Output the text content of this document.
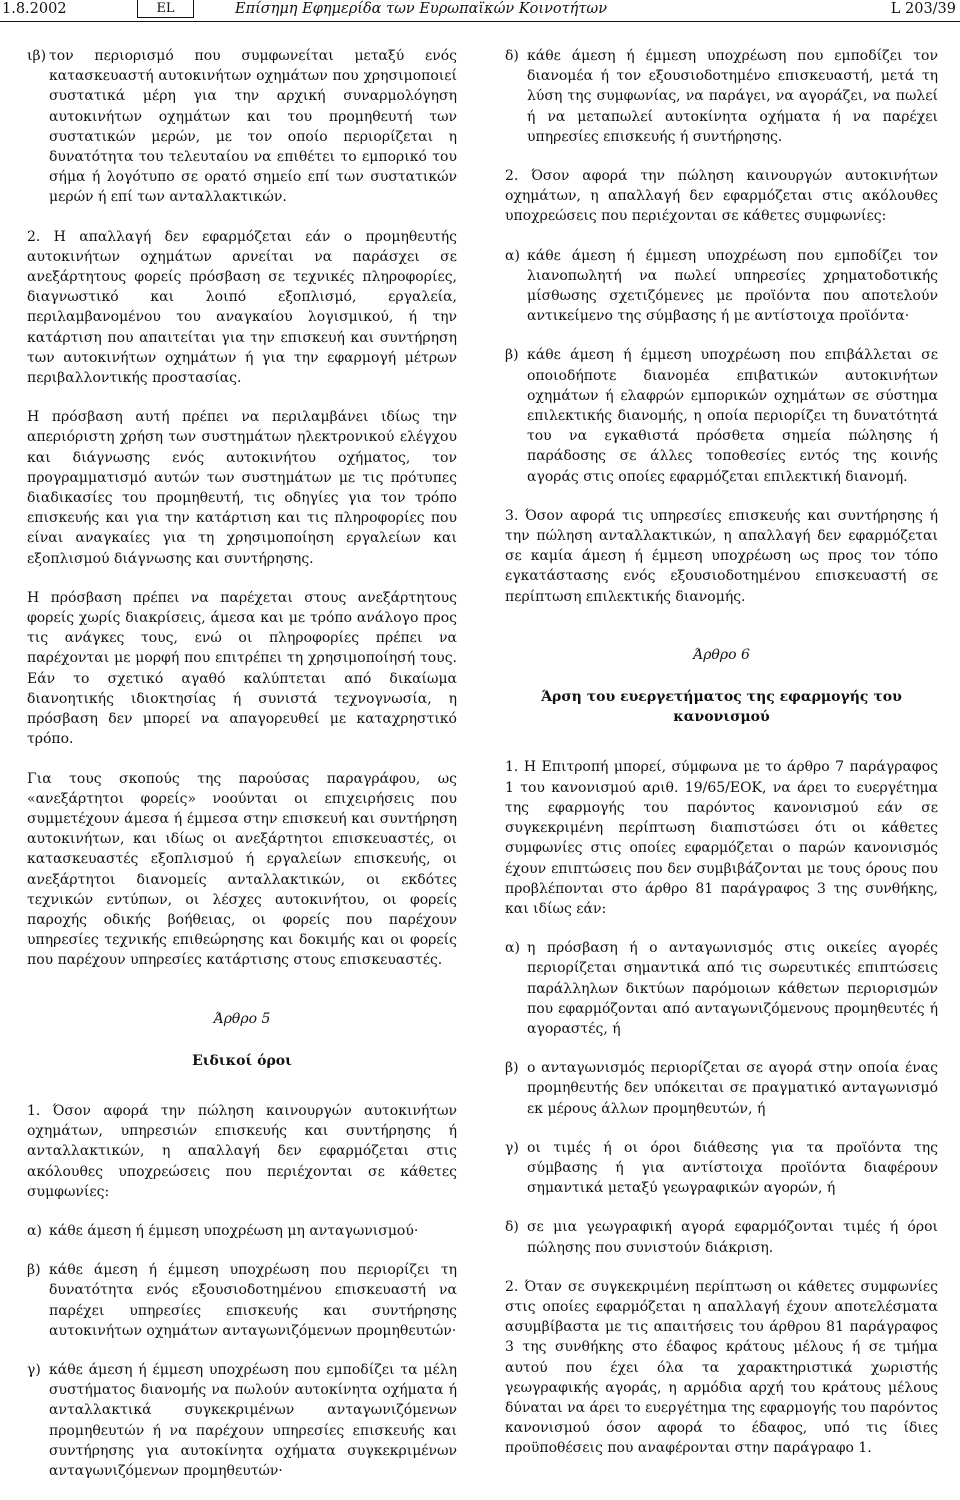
1.8.2002	EL	Επίσημη Εφημερίδα των Ευρωπαϊκών Κοινοτήτων	L 203/39
ιβ) τον περιορισμό που συμφωνείται μεταξύ ενός κατασκευαστή αυτοκινήτων οχημάτων που χρησιμοποιεί συστατικά μέρη για την αρχική συναρμολόγηση αυτοκινήτων οχημάτων και του προμηθευτή των συστατικών μερών, με τον οποίο περιορίζεται η δυνατότητα του τελευταίου να επιθέτει το εμπορικό του σήμα ή λογότυπο σε ορατό σημείο επί των συστατικών μερών ή επί των ανταλλακτικών.

2. Η απαλλαγή δεν εφαρμόζεται εάν ο προμηθευτής αυτοκινήτων οχημάτων αρνείται να παράσχει σε ανεξάρτητους φορείς πρόσβαση σε τεχνικές πληροφορίες, διαγνωστικό και λοιπό εξοπλισμό, εργαλεία, περιλαμβανομένου του αναγκαίου λογισμικού, ή την κατάρτιση που απαιτείται για την επισκευή και συντήρηση των αυτοκινήτων οχημάτων ή για την εφαρμογή μέτρων περιβαλλοντικής προστασίας.

Η πρόσβαση αυτή πρέπει να περιλαμβάνει ιδίως την απεριόριστη χρήση των συστημάτων ηλεκτρονικού ελέγχου και διάγνωσης ενός αυτοκινήτου οχήματος, τον προγραμματισμό αυτών των συστημάτων με τις πρότυπες διαδικασίες του προμηθευτή, τις οδηγίες για τον τρόπο επισκευής και για την κατάρτιση και τις πληροφορίες που είναι αναγκαίες για τη χρησιμοποίηση εργαλείων και εξοπλισμού διάγνωσης και συντήρησης.

Η πρόσβαση πρέπει να παρέχεται στους ανεξάρτητους φορείς χωρίς διακρίσεις, άμεσα και με τρόπο ανάλογο προς τις ανάγκες τους, ενώ οι πληροφορίες πρέπει να παρέχονται με μορφή που επιτρέπει τη χρησιμοποίησή τους. Εάν το σχετικό αγαθό καλύπτεται από δικαίωμα διανοητικής ιδιοκτησίας ή συνιστά τεχνογνωσία, η πρόσβαση δεν μπορεί να απαγορευθεί με καταχρηστικό τρόπο.

Για τους σκοπούς της παρούσας παραγράφου, ως «ανεξάρτητοι φορείς» νοούνται οι επιχειρήσεις που συμμετέχουν άμεσα ή έμμεσα στην επισκευή και συντήρηση αυτοκινήτων, και ιδίως οι ανεξάρτητοι επισκευαστές, οι κατασκευαστές εξοπλισμού ή εργαλείων επισκευής, οι ανεξάρτητοι διανομείς ανταλλακτικών, οι εκδότες τεχνικών εντύπων, οι λέσχες αυτοκινήτου, οι φορείς παροχής οδικής βοήθειας, οι φορείς που παρέχουν υπηρεσίες τεχνικής επιθεώρησης και δοκιμής και οι φορείς που παρέχουν υπηρεσίες κατάρτισης στους επισκευαστές.

Άρθρο 5
Ειδικοί όροι

1. Όσον αφορά την πώληση καινουργών αυτοκινήτων οχημάτων, υπηρεσιών επισκευής και συντήρησης ή ανταλλακτικών, η απαλλαγή δεν εφαρμόζεται στις ακόλουθες υποχρεώσεις που περιέχονται σε κάθετες συμφωνίες:

α) κάθε άμεση ή έμμεση υποχρέωση μη ανταγωνισμού·
β) κάθε άμεση ή έμμεση υποχρέωση που περιορίζει τη δυνατότητα ενός εξουσιοδοτημένου επισκευαστή να παρέχει υπηρεσίες επισκευής και συντήρησης αυτοκινήτων οχημάτων ανταγωνιζόμενων προμηθευτών·
γ) κάθε άμεση ή έμμεση υποχρέωση που εμποδίζει τα μέλη συστήματος διανομής να πωλούν αυτοκίνητα οχήματα ή ανταλλακτικά συγκεκριμένων ανταγωνιζόμενων προμηθευτών ή να παρέχουν υπηρεσίες επισκευής και συντήρησης για αυτοκίνητα οχήματα συγκεκριμένων ανταγωνιζόμενων προμηθευτών·
δ) κάθε άμεση ή έμμεση υποχρέωση που εμποδίζει τον διανομέα ή τον εξουσιοδοτημένο επισκευαστή, μετά τη λύση της συμφωνίας, να παράγει, να αγοράζει, να πωλεί ή να μεταπωλεί αυτοκίνητα οχήματα ή να παρέχει υπηρεσίες επισκευής ή συντήρησης.

2. Όσον αφορά την πώληση καινουργών αυτοκινήτων οχημάτων, η απαλλαγή δεν εφαρμόζεται στις ακόλουθες υποχρεώσεις που περιέχονται σε κάθετες συμφωνίες:

α) κάθε άμεση ή έμμεση υποχρέωση που εμποδίζει τον λιανοπωλητή να πωλεί υπηρεσίες χρηματοδοτικής μίσθωσης σχετιζόμενες με προϊόντα που αποτελούν αντικείμενο της σύμβασης ή με αντίστοιχα προϊόντα·
β) κάθε άμεση ή έμμεση υποχρέωση που επιβάλλεται σε οποιοδήποτε διανομέα επιβατικών αυτοκινήτων οχημάτων ή ελαφρών εμπορικών οχημάτων σε σύστημα επιλεκτικής διανομής, η οποία περιορίζει τη δυνατότητά του να εγκαθιστά πρόσθετα σημεία πώλησης ή παράδοσης σε άλλες τοποθεσίες εντός της κοινής αγοράς στις οποίες εφαρμόζεται επιλεκτική διανομή.

3. Όσον αφορά τις υπηρεσίες επισκευής και συντήρησης ή την πώληση ανταλλακτικών, η απαλλαγή δεν εφαρμόζεται σε καμία άμεση ή έμμεση υποχρέωση ως προς τον τόπο εγκατάστασης ενός εξουσιοδοτημένου επισκευαστή σε περίπτωση επιλεκτικής διανομής.

Άρθρο 6
Άρση του ευεργετήματος της εφαρμογής του κανονισμού

1. Η Επιτροπή μπορεί, σύμφωνα με το άρθρο 7 παράγραφος 1 του κανονισμού αριθ. 19/65/ΕΟΚ, να άρει το ευεργέτημα της εφαρμογής του παρόντος κανονισμού εάν σε συγκεκριμένη περίπτωση διαπιστώσει ότι οι κάθετες συμφωνίες στις οποίες εφαρμόζεται ο παρών κανονισμός έχουν επιπτώσεις που δεν συμβιβάζονται με τους όρους που προβλέπονται στο άρθρο 81 παράγραφος 3 της συνθήκης, και ιδίως εάν:

α) η πρόσβαση ή ο ανταγωνισμός στις οικείες αγορές περιορίζεται σημαντικά από τις σωρευτικές επιπτώσεις παράλληλων δικτύων παρόμοιων κάθετων περιορισμών που εφαρμόζονται από ανταγωνιζόμενους προμηθευτές ή αγοραστές, ή
β) ο ανταγωνισμός περιορίζεται σε αγορά στην οποία ένας προμηθευτής δεν υπόκειται σε πραγματικό ανταγωνισμό εκ μέρους άλλων προμηθευτών, ή
γ) οι τιμές ή οι όροι διάθεσης για τα προϊόντα της σύμβασης ή για αντίστοιχα προϊόντα διαφέρουν σημαντικά μεταξύ γεωγραφικών αγορών, ή
δ) σε μια γεωγραφική αγορά εφαρμόζονται τιμές ή όροι πώλησης που συνιστούν διάκριση.

2. Όταν σε συγκεκριμένη περίπτωση οι κάθετες συμφωνίες στις οποίες εφαρμόζεται η απαλλαγή έχουν αποτελέσματα ασυμβίβαστα με τις απαιτήσεις του άρθρου 81 παράγραφος 3 της συνθήκης στο έδαφος κράτους μέλους ή σε τμήμα αυτού που έχει όλα τα χαρακτηριστικά χωριστής γεωγραφικής αγοράς, η αρμόδια αρχή του κράτους μέλους δύναται να άρει το ευεργέτημα της εφαρμογής του παρόντος κανονισμού όσον αφορά το έδαφος, υπό τις ίδιες προϋποθέσεις που αναφέρονται στην παράγραφο 1.
